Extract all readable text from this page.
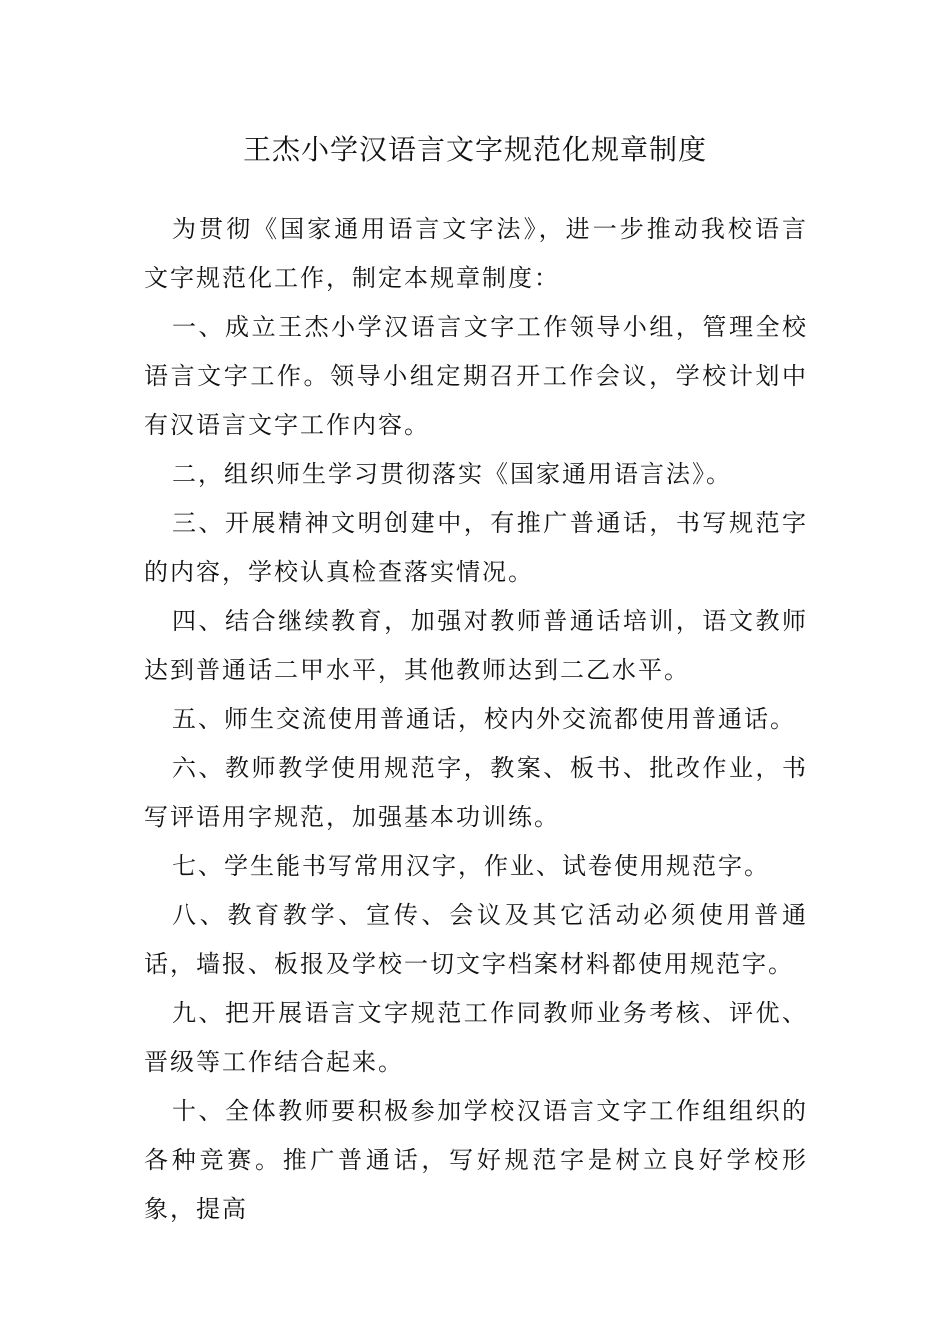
王杰小学汉语言文字规范化规章制度

为贯彻《国家通用语言文字法》，进一步推动我校语言文字规范化工作，制定本规章制度：

一、成立王杰小学汉语言文字工作领导小组，管理全校语言文字工作。领导小组定期召开工作会议，学校计划中有汉语言文字工作内容。

二，组织师生学习贯彻落实《国家通用语言法》。

三、开展精神文明创建中，有推广普通话，书写规范字的内容，学校认真检查落实情况。

四、结合继续教育，加强对教师普通话培训，语文教师达到普通话二甲水平，其他教师达到二乙水平。

五、师生交流使用普通话，校内外交流都使用普通话。

六、教师教学使用规范字，教案、板书、批改作业，书写评语用字规范，加强基本功训练。

七、学生能书写常用汉字，作业、试卷使用规范字。

八、教育教学、宣传、会议及其它活动必须使用普通话，墙报、板报及学校一切文字档案材料都使用规范字。

九、把开展语言文字规范工作同教师业务考核、评优、晋级等工作结合起来。

十、全体教师要积极参加学校汉语言文字工作组组织的各种竞赛。推广普通话，写好规范字是树立良好学校形象，提高
